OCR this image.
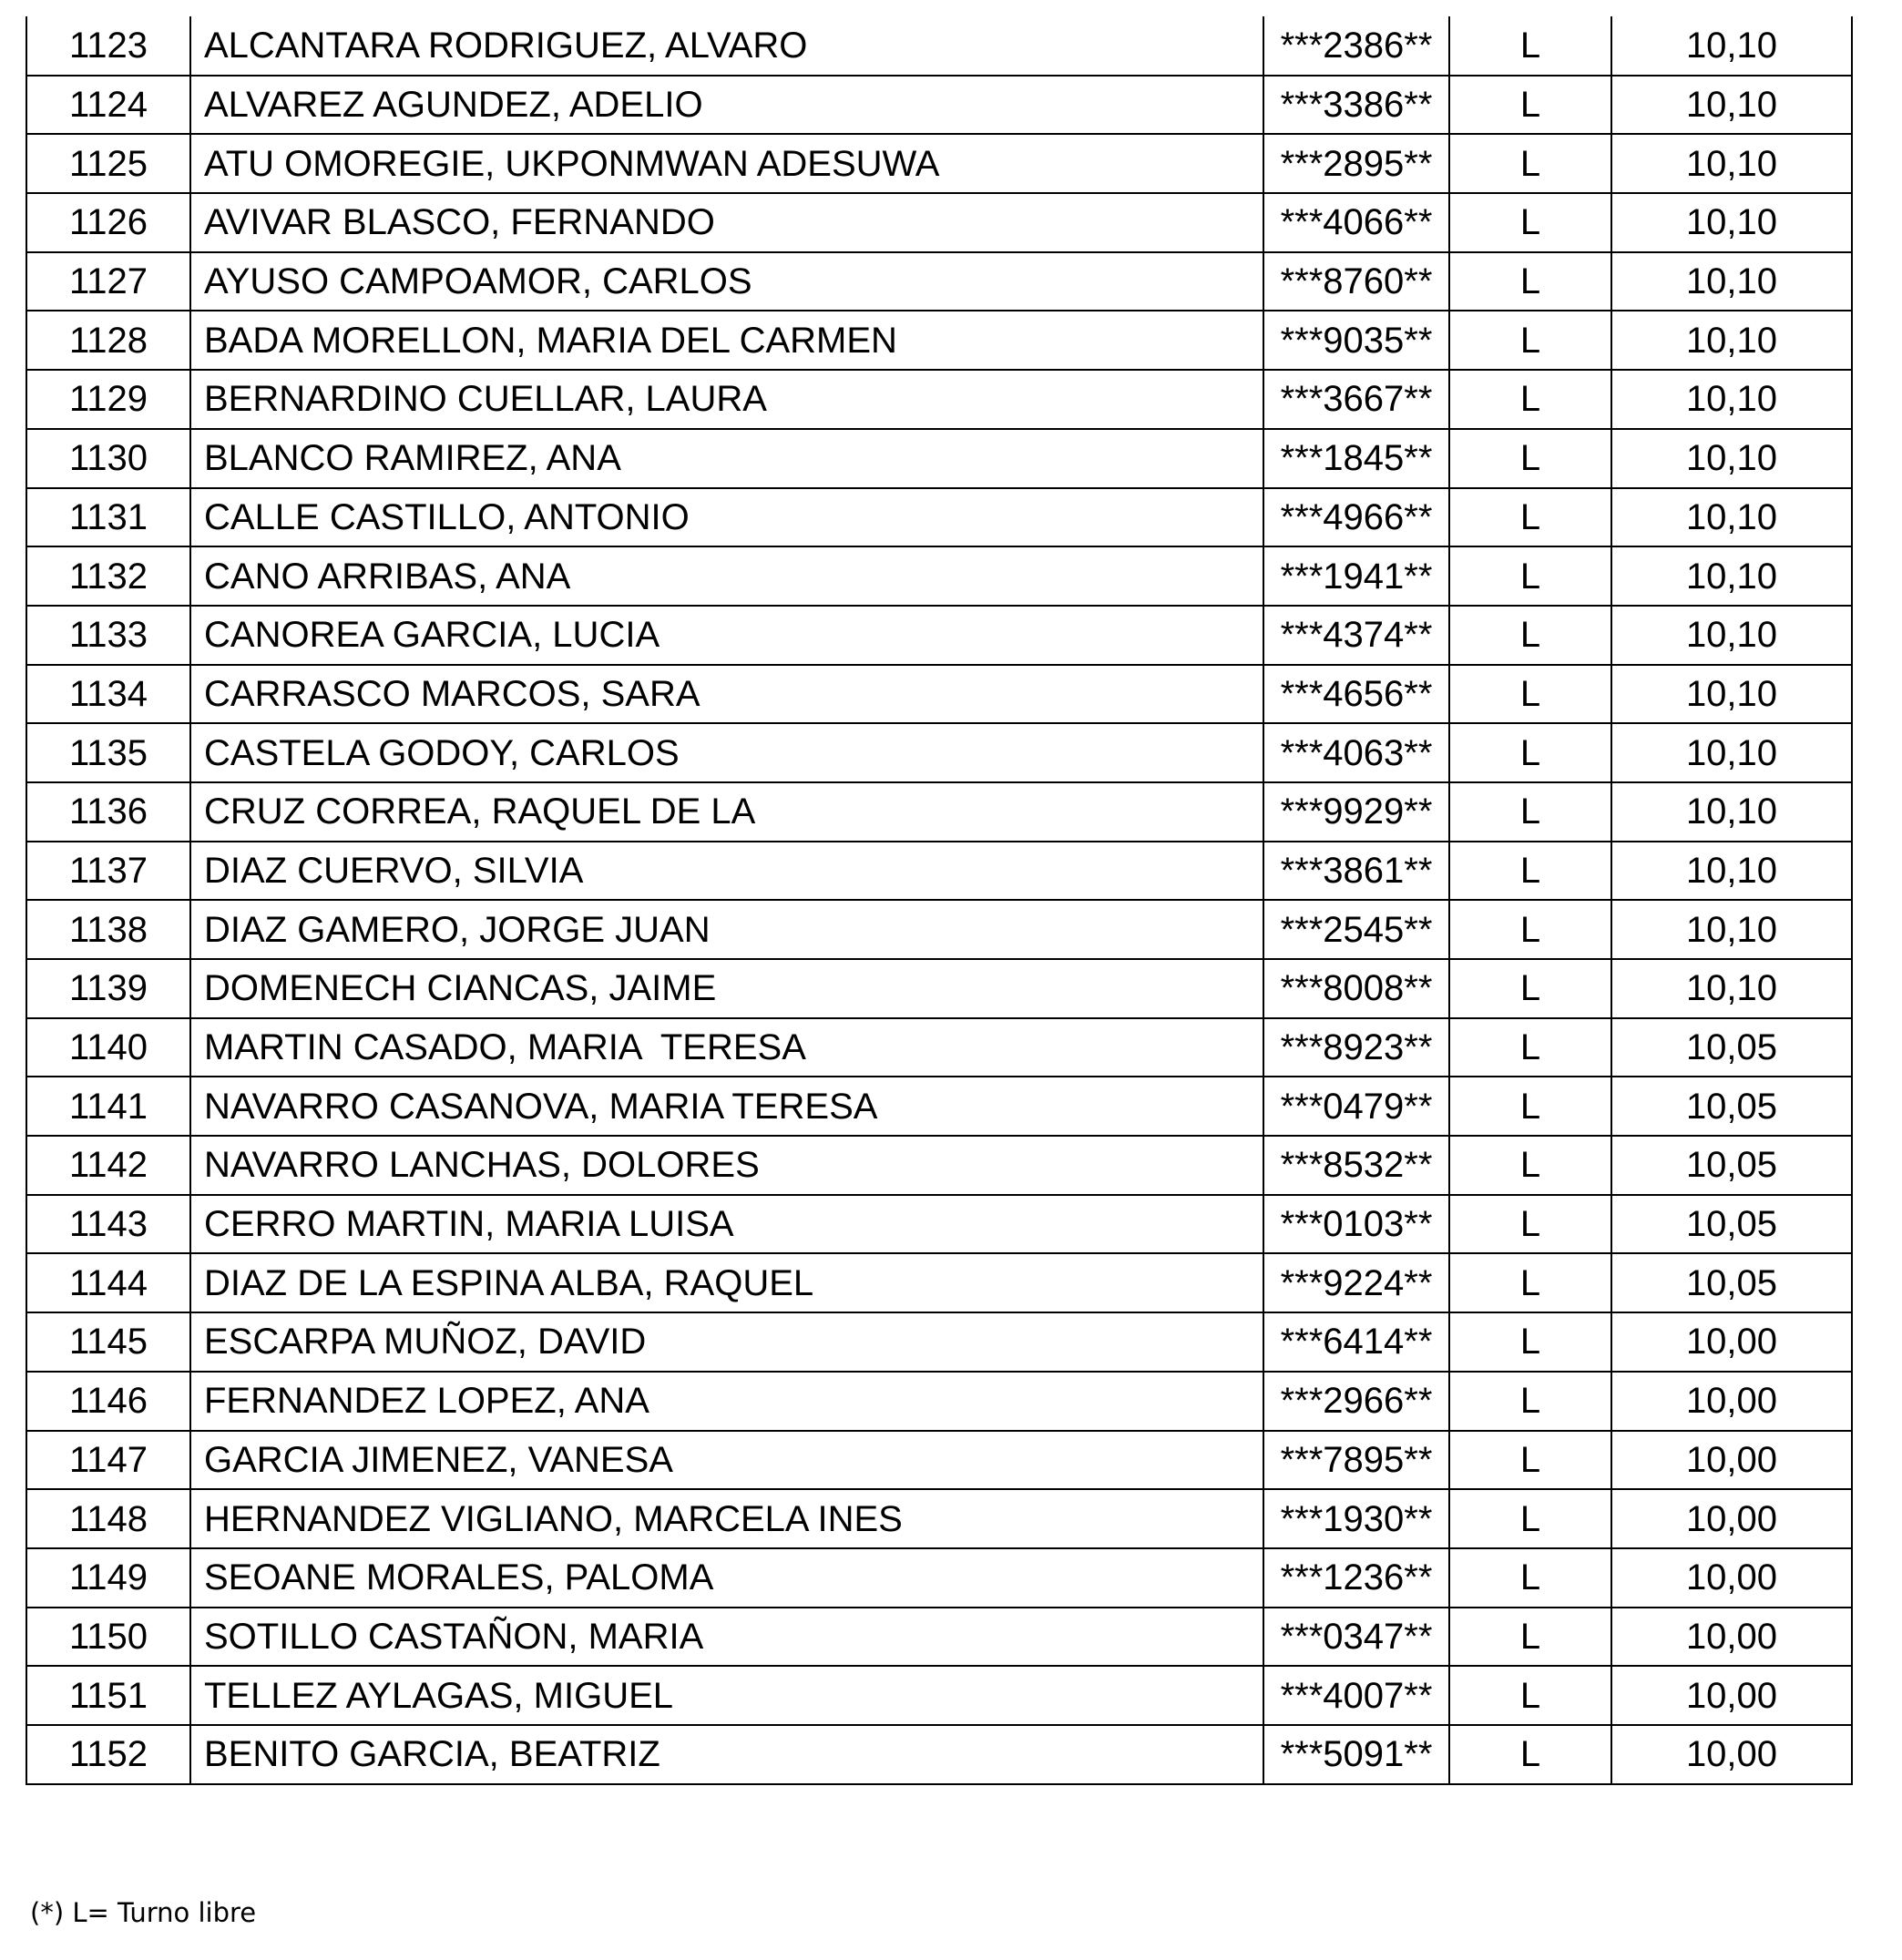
1123	ALCANTARA RODRIGUEZ, ALVARO	***2386**	L	10,10
1124	ALVAREZ AGUNDEZ, ADELIO	***3386**	L	10,10
1125	ATU OMOREGIE, UKPONMWAN ADESUWA	***2895**	L	10,10
1126	AVIVAR BLASCO, FERNANDO	***4066**	L	10,10
1127	AYUSO CAMPOAMOR, CARLOS	***8760**	L	10,10
1128	BADA MORELLON, MARIA DEL CARMEN	***9035**	L	10,10
1129	BERNARDINO CUELLAR, LAURA	***3667**	L	10,10
1130	BLANCO RAMIREZ, ANA	***1845**	L	10,10
1131	CALLE CASTILLO, ANTONIO	***4966**	L	10,10
1132	CANO ARRIBAS, ANA	***1941**	L	10,10
1133	CANOREA GARCIA, LUCIA	***4374**	L	10,10
1134	CARRASCO MARCOS, SARA	***4656**	L	10,10
1135	CASTELA GODOY, CARLOS	***4063**	L	10,10
1136	CRUZ CORREA, RAQUEL DE LA	***9929**	L	10,10
1137	DIAZ CUERVO, SILVIA	***3861**	L	10,10
1138	DIAZ GAMERO, JORGE JUAN	***2545**	L	10,10
1139	DOMENECH CIANCAS, JAIME	***8008**	L	10,10
1140	MARTIN CASADO, MARIA  TERESA	***8923**	L	10,05
1141	NAVARRO CASANOVA, MARIA TERESA	***0479**	L	10,05
1142	NAVARRO LANCHAS, DOLORES	***8532**	L	10,05
1143	CERRO MARTIN, MARIA LUISA	***0103**	L	10,05
1144	DIAZ DE LA ESPINA ALBA, RAQUEL	***9224**	L	10,05
1145	ESCARPA MUÑOZ, DAVID	***6414**	L	10,00
1146	FERNANDEZ LOPEZ, ANA	***2966**	L	10,00
1147	GARCIA JIMENEZ, VANESA	***7895**	L	10,00
1148	HERNANDEZ VIGLIANO, MARCELA INES	***1930**	L	10,00
1149	SEOANE MORALES, PALOMA	***1236**	L	10,00
1150	SOTILLO CASTAÑON, MARIA	***0347**	L	10,00
1151	TELLEZ AYLAGAS, MIGUEL	***4007**	L	10,00
1152	BENITO GARCIA, BEATRIZ	***5091**	L	10,00
(*) L= Turno libre
